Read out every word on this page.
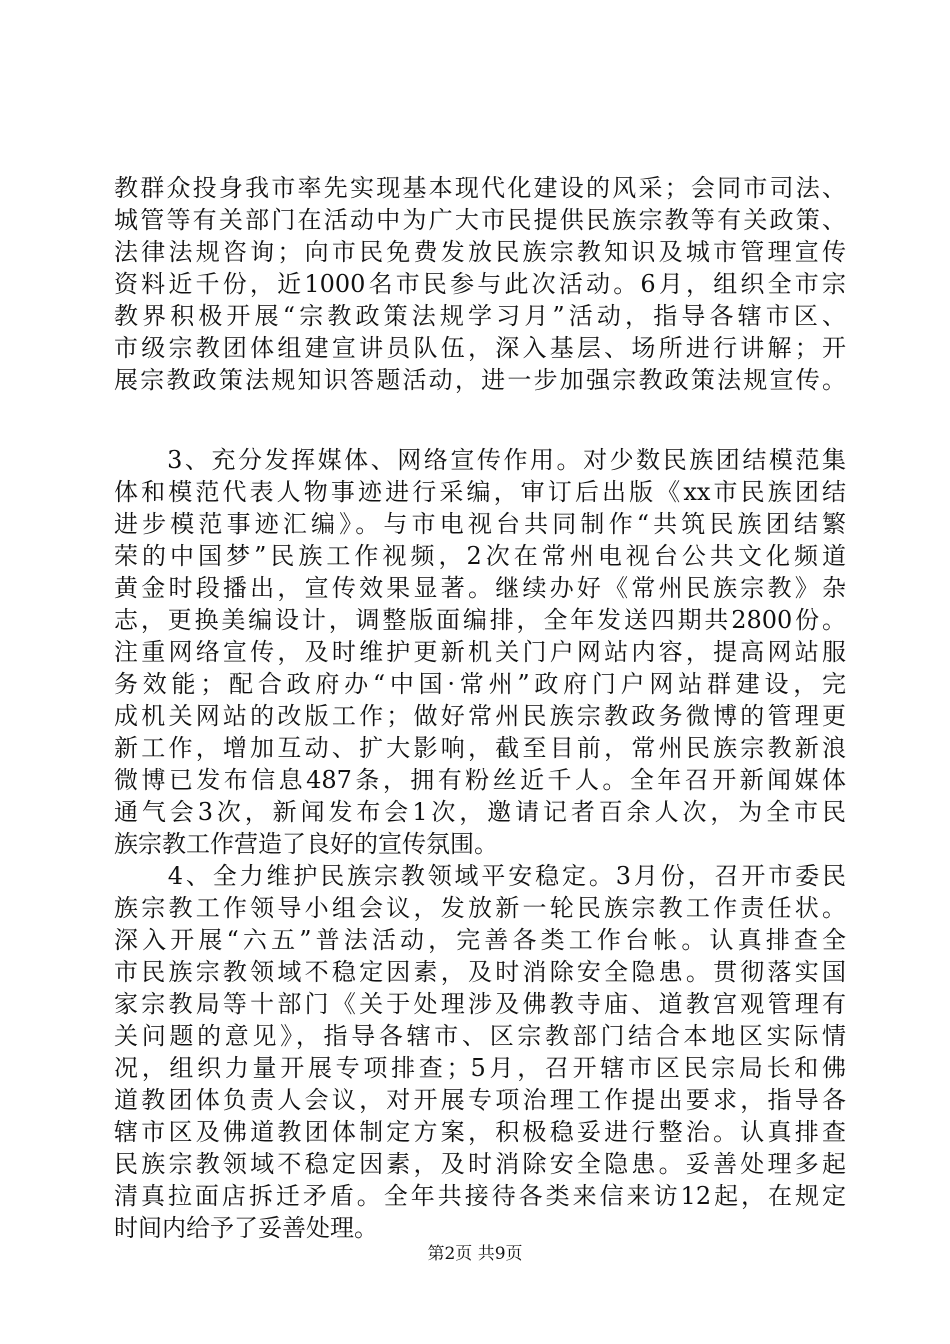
教群众投身我市率先实现基本现代化建设的风采；会同市司法、
城管等有关部门在活动中为广大市民提供民族宗教等有关政策、
法律法规咨询；向市民免费发放民族宗教知识及城市管理宣传
资料近千份，近1000名市民参与此次活动。6月，组织全市宗
教界积极开展“宗教政策法规学习月”活动，指导各辖市区、
市级宗教团体组建宣讲员队伍，深入基层、场所进行讲解；开
展宗教政策法规知识答题活动，进一步加强宗教政策法规宣传。
　　3、充分发挥媒体、网络宣传作用。对少数民族团结模范集
体和模范代表人物事迹进行采编，审订后出版《xx市民族团结
进步模范事迹汇编》。与市电视台共同制作“共筑民族团结繁
荣的中国梦”民族工作视频，2次在常州电视台公共文化频道
黄金时段播出，宣传效果显著。继续办好《常州民族宗教》杂
志，更换美编设计，调整版面编排，全年发送四期共2800份。
注重网络宣传，及时维护更新机关门户网站内容，提高网站服
务效能；配合政府办“中国·常州”政府门户网站群建设，完
成机关网站的改版工作；做好常州民族宗教政务微博的管理更
新工作，增加互动、扩大影响，截至目前，常州民族宗教新浪
微博已发布信息487条，拥有粉丝近千人。全年召开新闻媒体
通气会3次，新闻发布会1次，邀请记者百余人次，为全市民
族宗教工作营造了良好的宣传氛围。
　　4、全力维护民族宗教领域平安稳定。3月份，召开市委民
族宗教工作领导小组会议，发放新一轮民族宗教工作责任状。
深入开展“六五”普法活动，完善各类工作台帐。认真排查全
市民族宗教领域不稳定因素，及时消除安全隐患。贯彻落实国
家宗教局等十部门《关于处理涉及佛教寺庙、道教宫观管理有
关问题的意见》，指导各辖市、区宗教部门结合本地区实际情
况，组织力量开展专项排查；5月，召开辖市区民宗局长和佛
道教团体负责人会议，对开展专项治理工作提出要求，指导各
辖市区及佛道教团体制定方案，积极稳妥进行整治。认真排查
民族宗教领域不稳定因素，及时消除安全隐患。妥善处理多起
清真拉面店拆迁矛盾。全年共接待各类来信来访12起，在规定
时间内给予了妥善处理。
第2页 共9页
